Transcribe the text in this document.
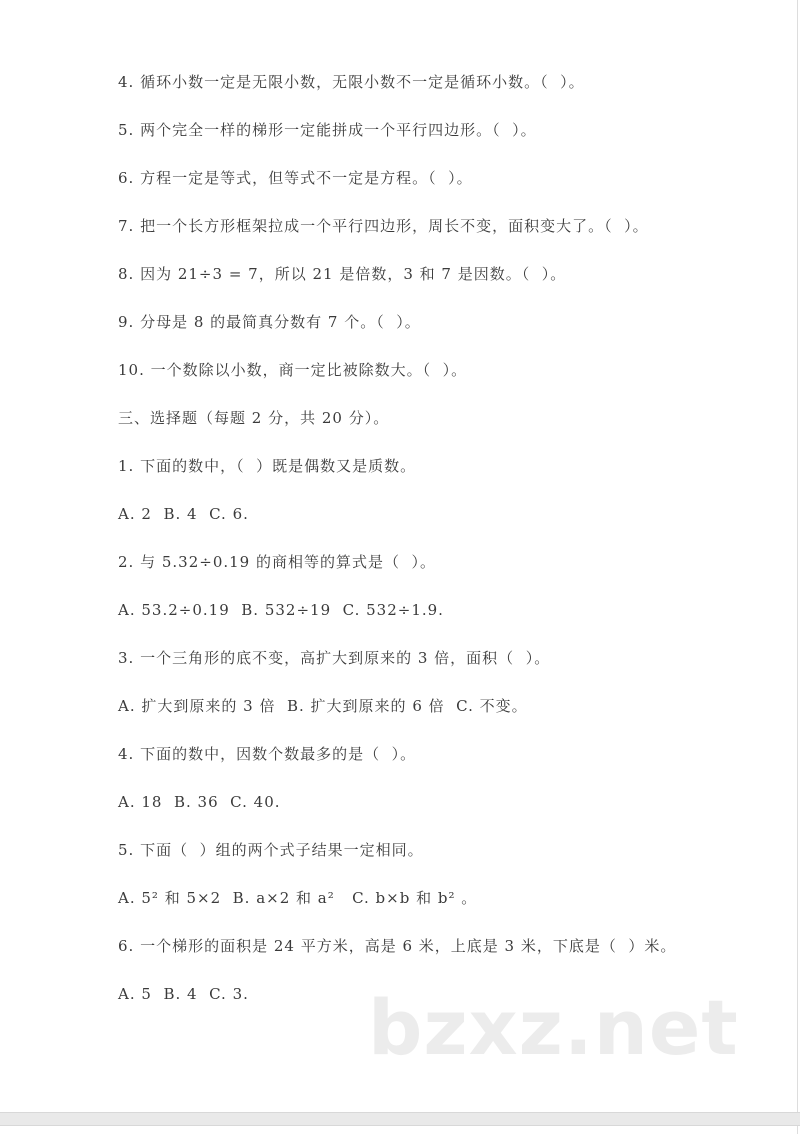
4. 循环小数一定是无限小数，无限小数不一定是循环小数。（  ）。
5. 两个完全一样的梯形一定能拼成一个平行四边形。（  ）。
6. 方程一定是等式，但等式不一定是方程。（  ）。
7. 把一个长方形框架拉成一个平行四边形，周长不变，面积变大了。（  ）。
8. 因为 21÷3 = 7，所以 21 是倍数，3 和 7 是因数。（  ）。
9. 分母是 8 的最简真分数有 7 个。（  ）。
10. 一个数除以小数，商一定比被除数大。（  ）。
三、选择题（每题 2 分，共 20 分）。
1. 下面的数中，（  ）既是偶数又是质数。
A. 2  B. 4  C. 6.
2. 与 5.32÷0.19 的商相等的算式是（  ）。
A. 53.2÷0.19  B. 532÷19  C. 532÷1.9.
3. 一个三角形的底不变，高扩大到原来的 3 倍，面积（  ）。
A. 扩大到原来的 3 倍  B. 扩大到原来的 6 倍  C. 不变。
4. 下面的数中，因数个数最多的是（  ）。
A. 18  B. 36  C. 40.
5. 下面（  ）组的两个式子结果一定相同。
A. 5² 和 5×2  B. a×2 和 a²   C. b×b 和 b² 。
6. 一个梯形的面积是 24 平方米，高是 6 米，上底是 3 米，下底是（  ）米。
A. 5  B. 4  C. 3. bzxz.net
